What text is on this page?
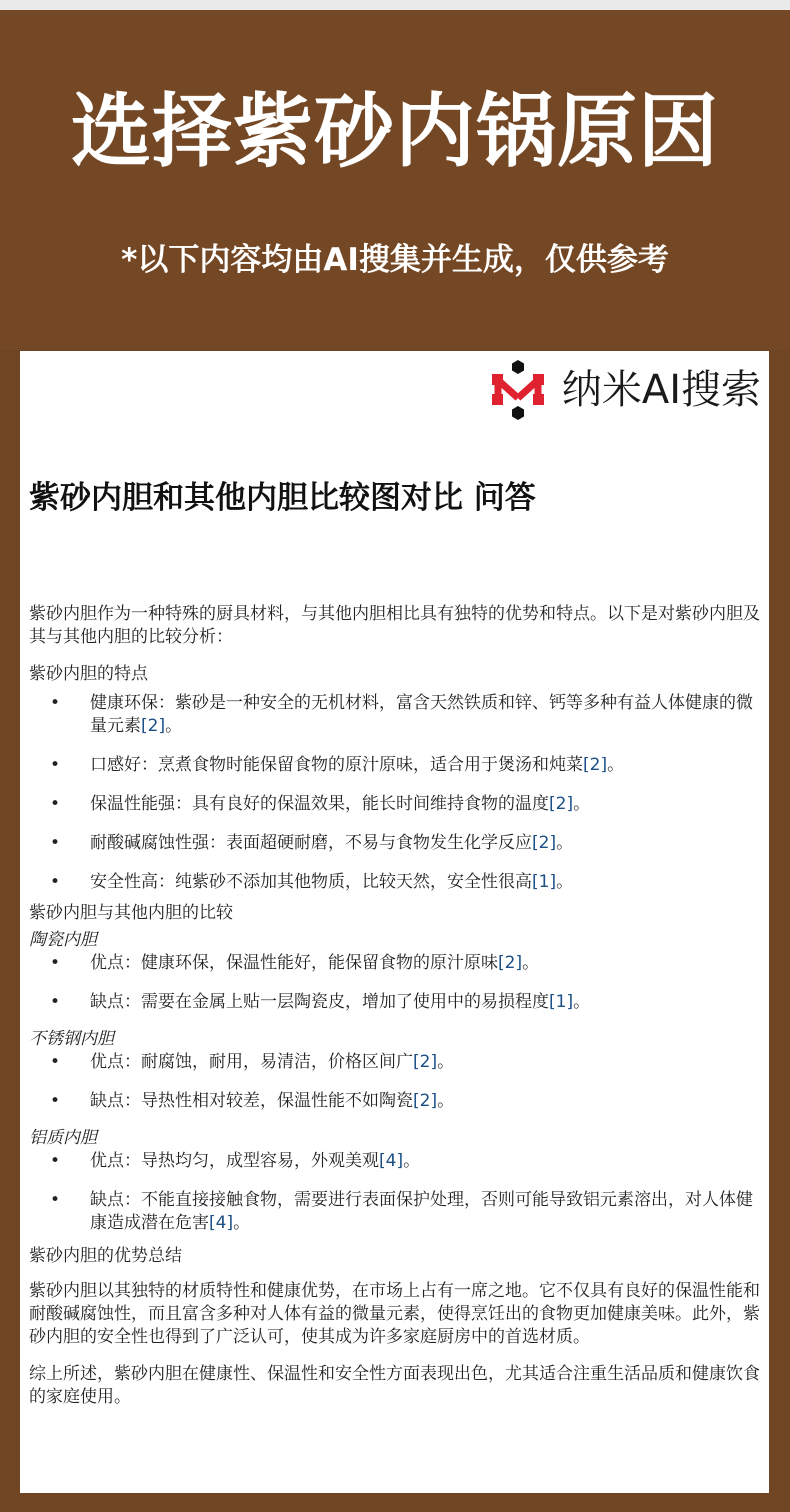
选择紫砂内锅原因

*以下内容均由AI搜集并生成，仅供参考

纳米AI搜索
紫砂内胆和其他内胆比较图对比 问答

紫砂内胆作为一种特殊的厨具材料，与其他内胆相比具有独特的优势和特点。以下是对紫砂内胆及其与其他内胆的比较分析：

紫砂内胆的特点

• 健康环保：紫砂是一种安全的无机材料，富含天然铁质和锌、钙等多种有益人体健康的微量元素[2]。
• 口感好：烹煮食物时能保留食物的原汁原味，适合用于煲汤和炖菜[2]。
• 保温性能强：具有良好的保温效果，能长时间维持食物的温度[2]。
• 耐酸碱腐蚀性强：表面超硬耐磨，不易与食物发生化学反应[2]。
• 安全性高：纯紫砂不添加其他物质，比较天然，安全性很高[1]。

紫砂内胆与其他内胆的比较

陶瓷内胆

• 优点：健康环保，保温性能好，能保留食物的原汁原味[2]。
• 缺点：需要在金属上贴一层陶瓷皮，增加了使用中的易损程度[1]。

不锈钢内胆

• 优点：耐腐蚀，耐用，易清洁，价格区间广[2]。
• 缺点：导热性相对较差，保温性能不如陶瓷[2]。

铝质内胆

• 优点：导热均匀，成型容易，外观美观[4]。
• 缺点：不能直接接触食物，需要进行表面保护处理，否则可能导致铝元素溶出，对人体健康造成潜在危害[4]。

紫砂内胆的优势总结

紫砂内胆以其独特的材质特性和健康优势，在市场上占有一席之地。它不仅具有良好的保温性能和耐酸碱腐蚀性，而且富含多种对人体有益的微量元素，使得烹饪出的食物更加健康美味。此外，紫砂内胆的安全性也得到了广泛认可，使其成为许多家庭厨房中的首选材质。

综上所述，紫砂内胆在健康性、保温性和安全性方面表现出色，尤其适合注重生活品质和健康饮食的家庭使用。
